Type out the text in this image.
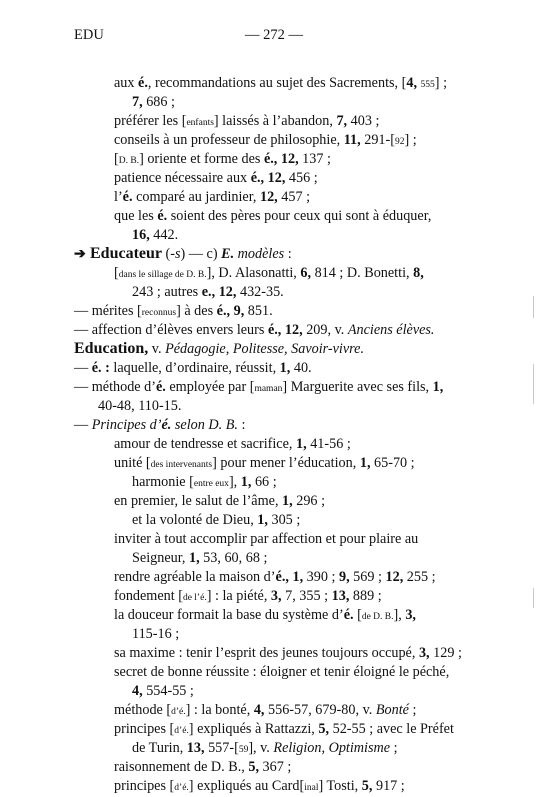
EDU	— 272 —
aux é., recommandations au sujet des Sacrements, [4, 555] ;
7, 686 ;
préférer les [enfants] laissés à l’abandon, 7, 403 ;
conseils à un professeur de philosophie, 11, 291-[92] ;
[D. B.] oriente et forme des é., 12, 137 ;
patience nécessaire aux é., 12, 456 ;
l’é. comparé au jardinier, 12, 457 ;
que les é. soient des pères pour ceux qui sont à éduquer,
16, 442.
➔ Educateur (-s) — c) E. modèles :
[dans le sillage de D. B.], D. Alasonatti, 6, 814 ; D. Bonetti, 8,
243 ; autres e., 12, 432-35.
— mérites [reconnus] à des é., 9, 851.
— affection d’élèves envers leurs é., 12, 209, v. Anciens élèves.
Education, v. Pédagogie, Politesse, Savoir-vivre.
— é. : laquelle, d’ordinaire, réussit, 1, 40.
— méthode d’é. employée par [maman] Marguerite avec ses fils, 1,
40-48, 110-15.
— Principes d’é. selon D. B. :
amour de tendresse et sacrifice, 1, 41-56 ;
unité [des intervenants] pour mener l’éducation, 1, 65-70 ;
harmonie [entre eux], 1, 66 ;
en premier, le salut de l’âme, 1, 296 ;
et la volonté de Dieu, 1, 305 ;
inviter à tout accomplir par affection et pour plaire au
Seigneur, 1, 53, 60, 68 ;
rendre agréable la maison d’é., 1, 390 ; 9, 569 ; 12, 255 ;
fondement [de l’é.] : la piété, 3, 7, 355 ; 13, 889 ;
la douceur formait la base du système d’é. [de D. B.], 3,
115-16 ;
sa maxime : tenir l’esprit des jeunes toujours occupé, 3, 129 ;
secret de bonne réussite : éloigner et tenir éloigné le péché,
4, 554-55 ;
méthode [d’é.] : la bonté, 4, 556-57, 679-80, v. Bonté ;
principes [d’é.] expliqués à Rattazzi, 5, 52-55 ; avec le Préfet
de Turin, 13, 557-[59], v. Religion, Optimisme ;
raisonnement de D. B., 5, 367 ;
principes [d’é.] expliqués au Card[inal] Tosti, 5, 917 ;
